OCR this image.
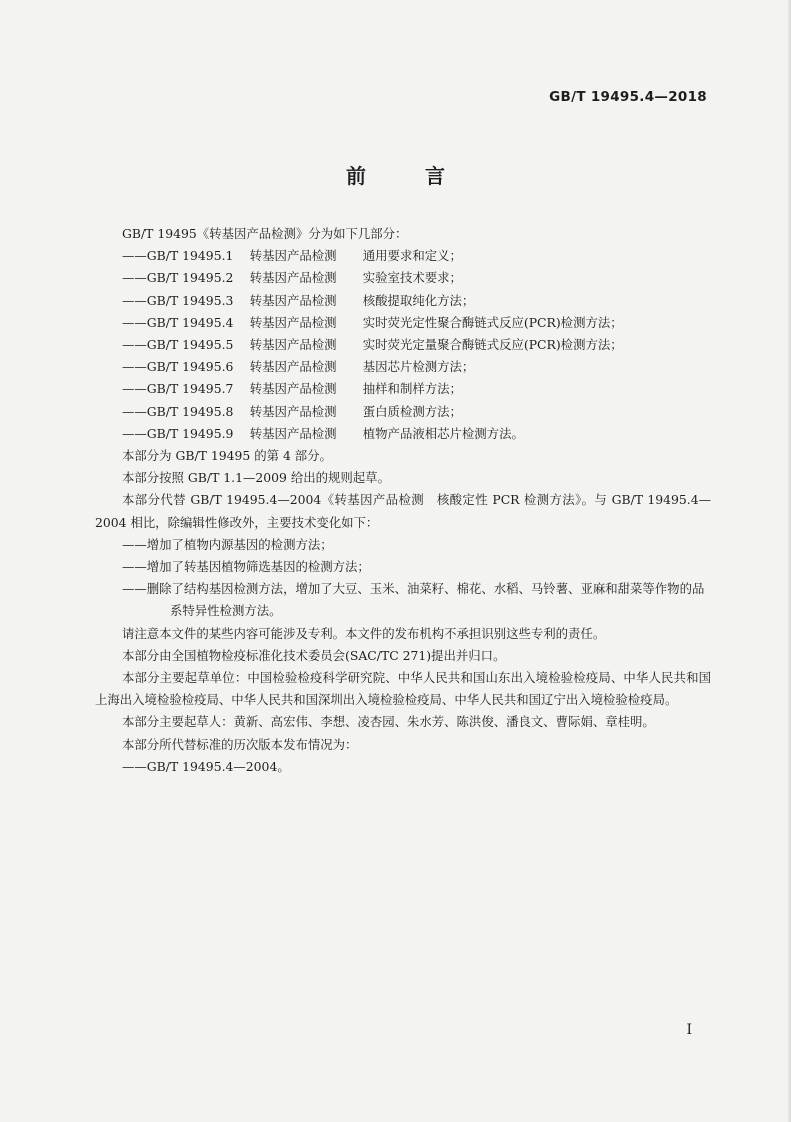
GB/T 19495.4—2018
前 言

GB/T 19495《转基因产品检测》分为如下几部分：

——GB/T 19495.1 转基因产品检测 通用要求和定义；
——GB/T 19495.2 转基因产品检测 实验室技术要求；
——GB/T 19495.3 转基因产品检测 核酸提取纯化方法；
——GB/T 19495.4 转基因产品检测 实时荧光定性聚合酶链式反应(PCR)检测方法；
——GB/T 19495.5 转基因产品检测 实时荧光定量聚合酶链式反应(PCR)检测方法；
——GB/T 19495.6 转基因产品检测 基因芯片检测方法；
——GB/T 19495.7 转基因产品检测 抽样和制样方法；
——GB/T 19495.8 转基因产品检测 蛋白质检测方法；
——GB/T 19495.9 转基因产品检测 植物产品液相芯片检测方法。

本部分为 GB/T 19495 的第 4 部分。

本部分按照 GB/T 1.1—2009 给出的规则起草。

本部分代替 GB/T 19495.4—2004《转基因产品检测　核酸定性 PCR 检测方法》。与 GB/T 19495.4—2004 相比，除编辑性修改外，主要技术变化如下：

——增加了植物内源基因的检测方法；

——增加了转基因植物筛选基因的检测方法；

——删除了结构基因检测方法，增加了大豆、玉米、油菜籽、棉花、水稻、马铃薯、亚麻和甜菜等作物的品系特异性检测方法。

请注意本文件的某些内容可能涉及专利。本文件的发布机构不承担识别这些专利的责任。

本部分由全国植物检疫标准化技术委员会(SAC/TC 271)提出并归口。

本部分主要起草单位：中国检验检疫科学研究院、中华人民共和国山东出入境检验检疫局、中华人民共和国上海出入境检验检疫局、中华人民共和国深圳出入境检验检疫局、中华人民共和国辽宁出入境检验检疫局。

本部分主要起草人：黄新、高宏伟、李想、凌杏园、朱水芳、陈洪俊、潘良文、曹际娟、章桂明。

本部分所代替标准的历次版本发布情况为：

——GB/T 19495.4—2004。

I
